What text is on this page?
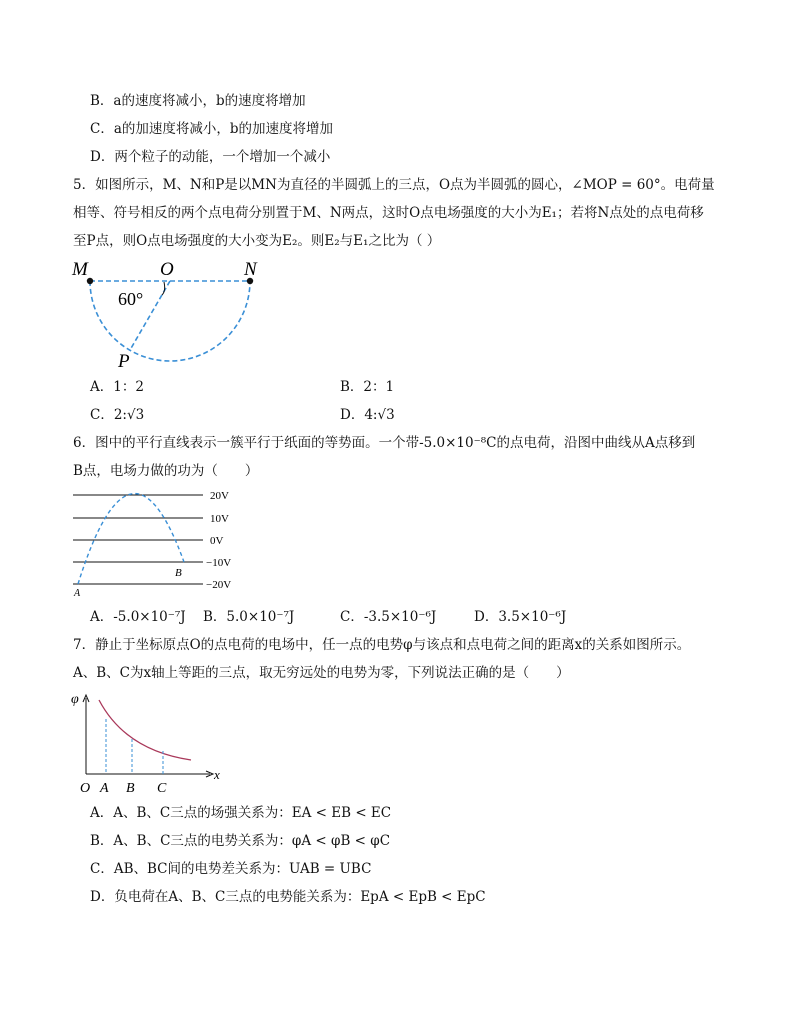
B．a的速度将减小，b的速度将增加
C．a的加速度将减小，b的加速度将增加
D．两个粒子的动能，一个增加一个减小
5．如图所示，M、N和P是以MN为直径的半圆弧上的三点，O点为半圆弧的圆心，∠MOP = 60°。电荷量
相等、符号相反的两个点电荷分别置于M、N两点，这时O点电场强度的大小为E₁；若将N点处的点电荷移
至P点，则O点电场强度的大小变为E₂。则E₂与E₁之比为（ ）
M	O	N
P
60°
A．1：2	B．2：1
C．2:√3	D．4:√3
6．图中的平行直线表示一簇平行于纸面的等势面。一个带-5.0×10⁻⁸C的点电荷，沿图中曲线从A点移到
B点，电场力做的功为（　　）
20V
10V
0V
−10V
−20V
A
B
A．-5.0×10⁻⁷J B．5.0×10⁻⁷J	C．-3.5×10⁻⁶J	D．3.5×10⁻⁶J
7．静止于坐标原点O的点电荷的电场中，任一点的电势φ与该点和点电荷之间的距离x的关系如图所示。
A、B、C为x轴上等距的三点，取无穷远处的电势为零，下列说法正确的是（　　）
φ
x
O A B C
A．A、B、C三点的场强关系为：EA < EB < EC
B．A、B、C三点的电势关系为：φA < φB < φC
C．AB、BC间的电势差关系为：UAB = UBC
D．负电荷在A、B、C三点的电势能关系为：EpA < EpB < EpC
